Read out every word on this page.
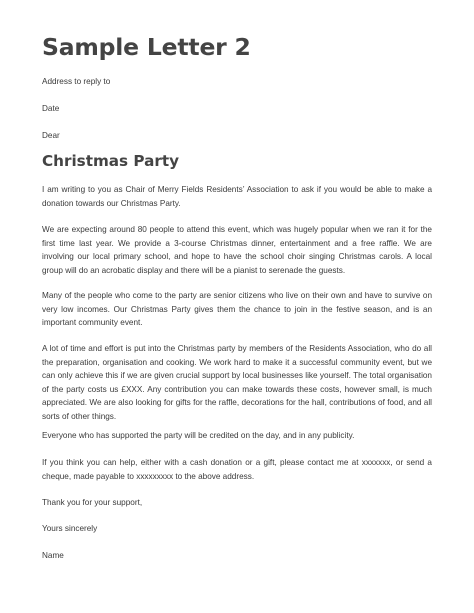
Sample Letter 2
Address to reply to
Date
Dear
Christmas Party
I am writing to you as Chair of Merry Fields Residents’ Association to ask if you would be able to make a donation towards our Christmas Party.
We are expecting around 80 people to attend this event, which was hugely popular when we ran it for the first time last year. We provide a 3-course Christmas dinner, entertainment and a free raffle. We are involving our local primary school, and hope to have the school choir singing Christmas carols. A local group will do an acrobatic display and there will be a pianist to serenade the guests.
Many of the people who come to the party are senior citizens who live on their own and have to survive on very low incomes. Our Christmas Party gives them the chance to join in the festive season, and is an important community event.
A lot of time and effort is put into the Christmas party by members of the Residents Association, who do all the preparation, organisation and cooking. We work hard to make it a successful community event, but we can only achieve this if we are given crucial support by local businesses like yourself. The total organisation of the party costs us £XXX. Any contribution you can make towards these costs, however small, is much appreciated. We are also looking for gifts for the raffle, decorations for the hall, contributions of food, and all sorts of other things.
Everyone who has supported the party will be credited on the day, and in any publicity.
If you think you can help, either with a cash donation or a gift, please contact me at xxxxxxx, or send a cheque, made payable to xxxxxxxxx to the above address.
Thank you for your support,
Yours sincerely
Name
